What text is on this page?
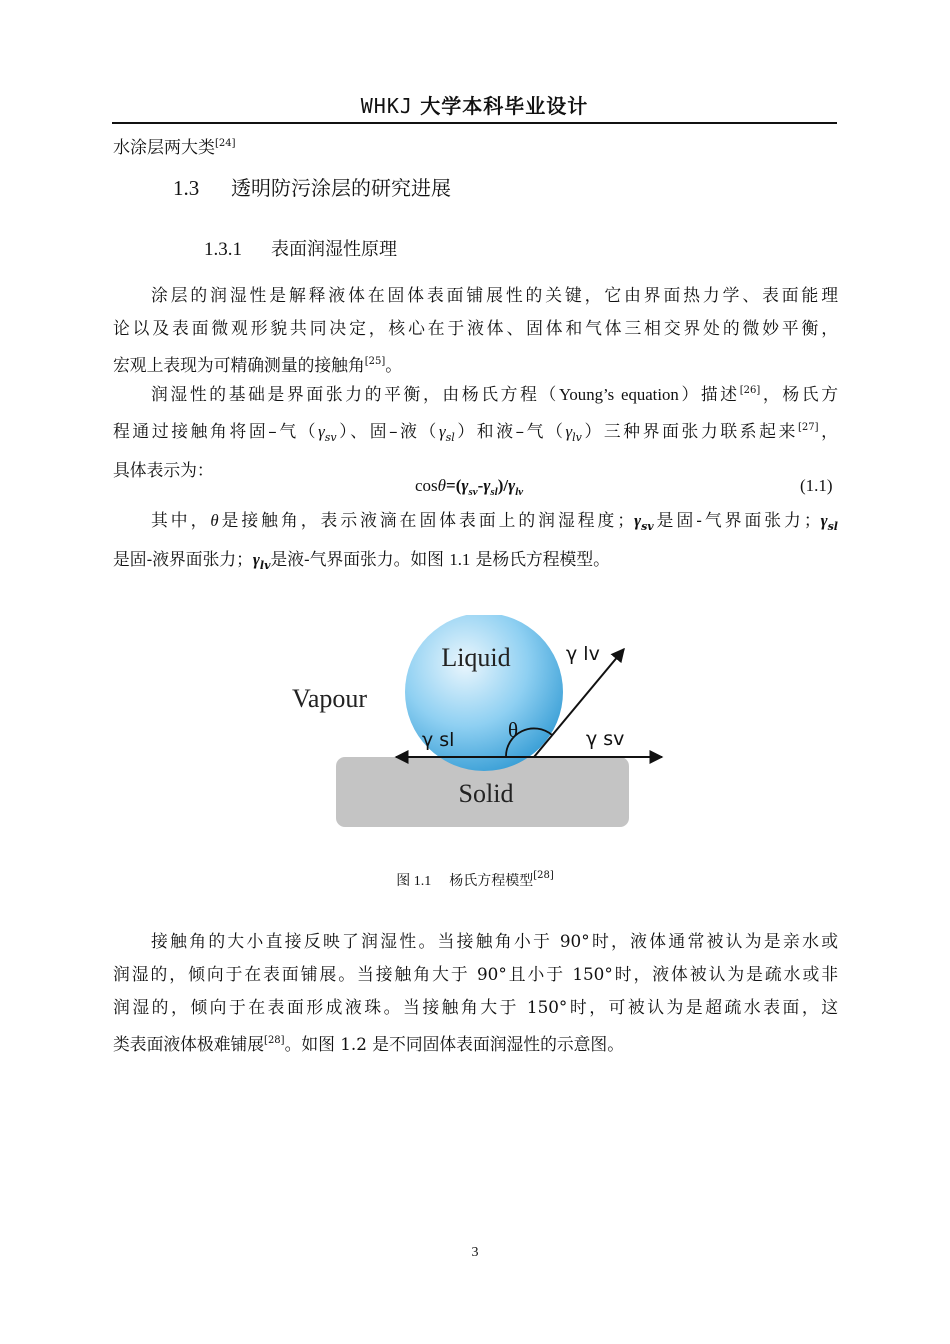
WHKJ 大学本科毕业设计
水涂层两大类[24]
1.3 透明防污涂层的研究进展
1.3.1 表面润湿性原理
涂层的润湿性是解释液体在固体表面铺展性的关键，它由界面热力学、表面能理
论以及表面微观形貌共同决定，核心在于液体、固体和气体三相交界处的微妙平衡，
宏观上表现为可精确测量的接触角[25]。
润湿性的基础是界面张力的平衡，由杨氏方程（Young’s equation）描述[26]，杨氏方
程通过接触角将固–气$(\gamma_{sv})$、固–液$(\gamma_{sl})$和液–气$(\gamma_{lv})$三种界面张力联系起来[27]，
具体表示为：
$\cos\theta=(\gamma_{sv}-\gamma_{sl})/\gamma_{lv}$	(1.1)
其中，θ是接触角，表示液滴在固体表面上的润湿程度；$\gamma_{sv}$是固-气界面张力；$\gamma_{sl}$
是固-液界面张力；$\gamma_{lv}$是液-气界面张力。如图 1.1 是杨氏方程模型。
Liquid
Vapour
Solid
θ
γ lv
γ sl	γ sv
图 1.1 杨氏方程模型[28]
接触角的大小直接反映了润湿性。当接触角小于 90°时，液体通常被认为是亲水或
润湿的，倾向于在表面铺展。当接触角大于 90°且小于 150°时，液体被认为是疏水或非
润湿的，倾向于在表面形成液珠。当接触角大于 150°时，可被认为是超疏水表面，这
类表面液体极难铺展[28]。如图 1.2 是不同固体表面润湿性的示意图。
3
